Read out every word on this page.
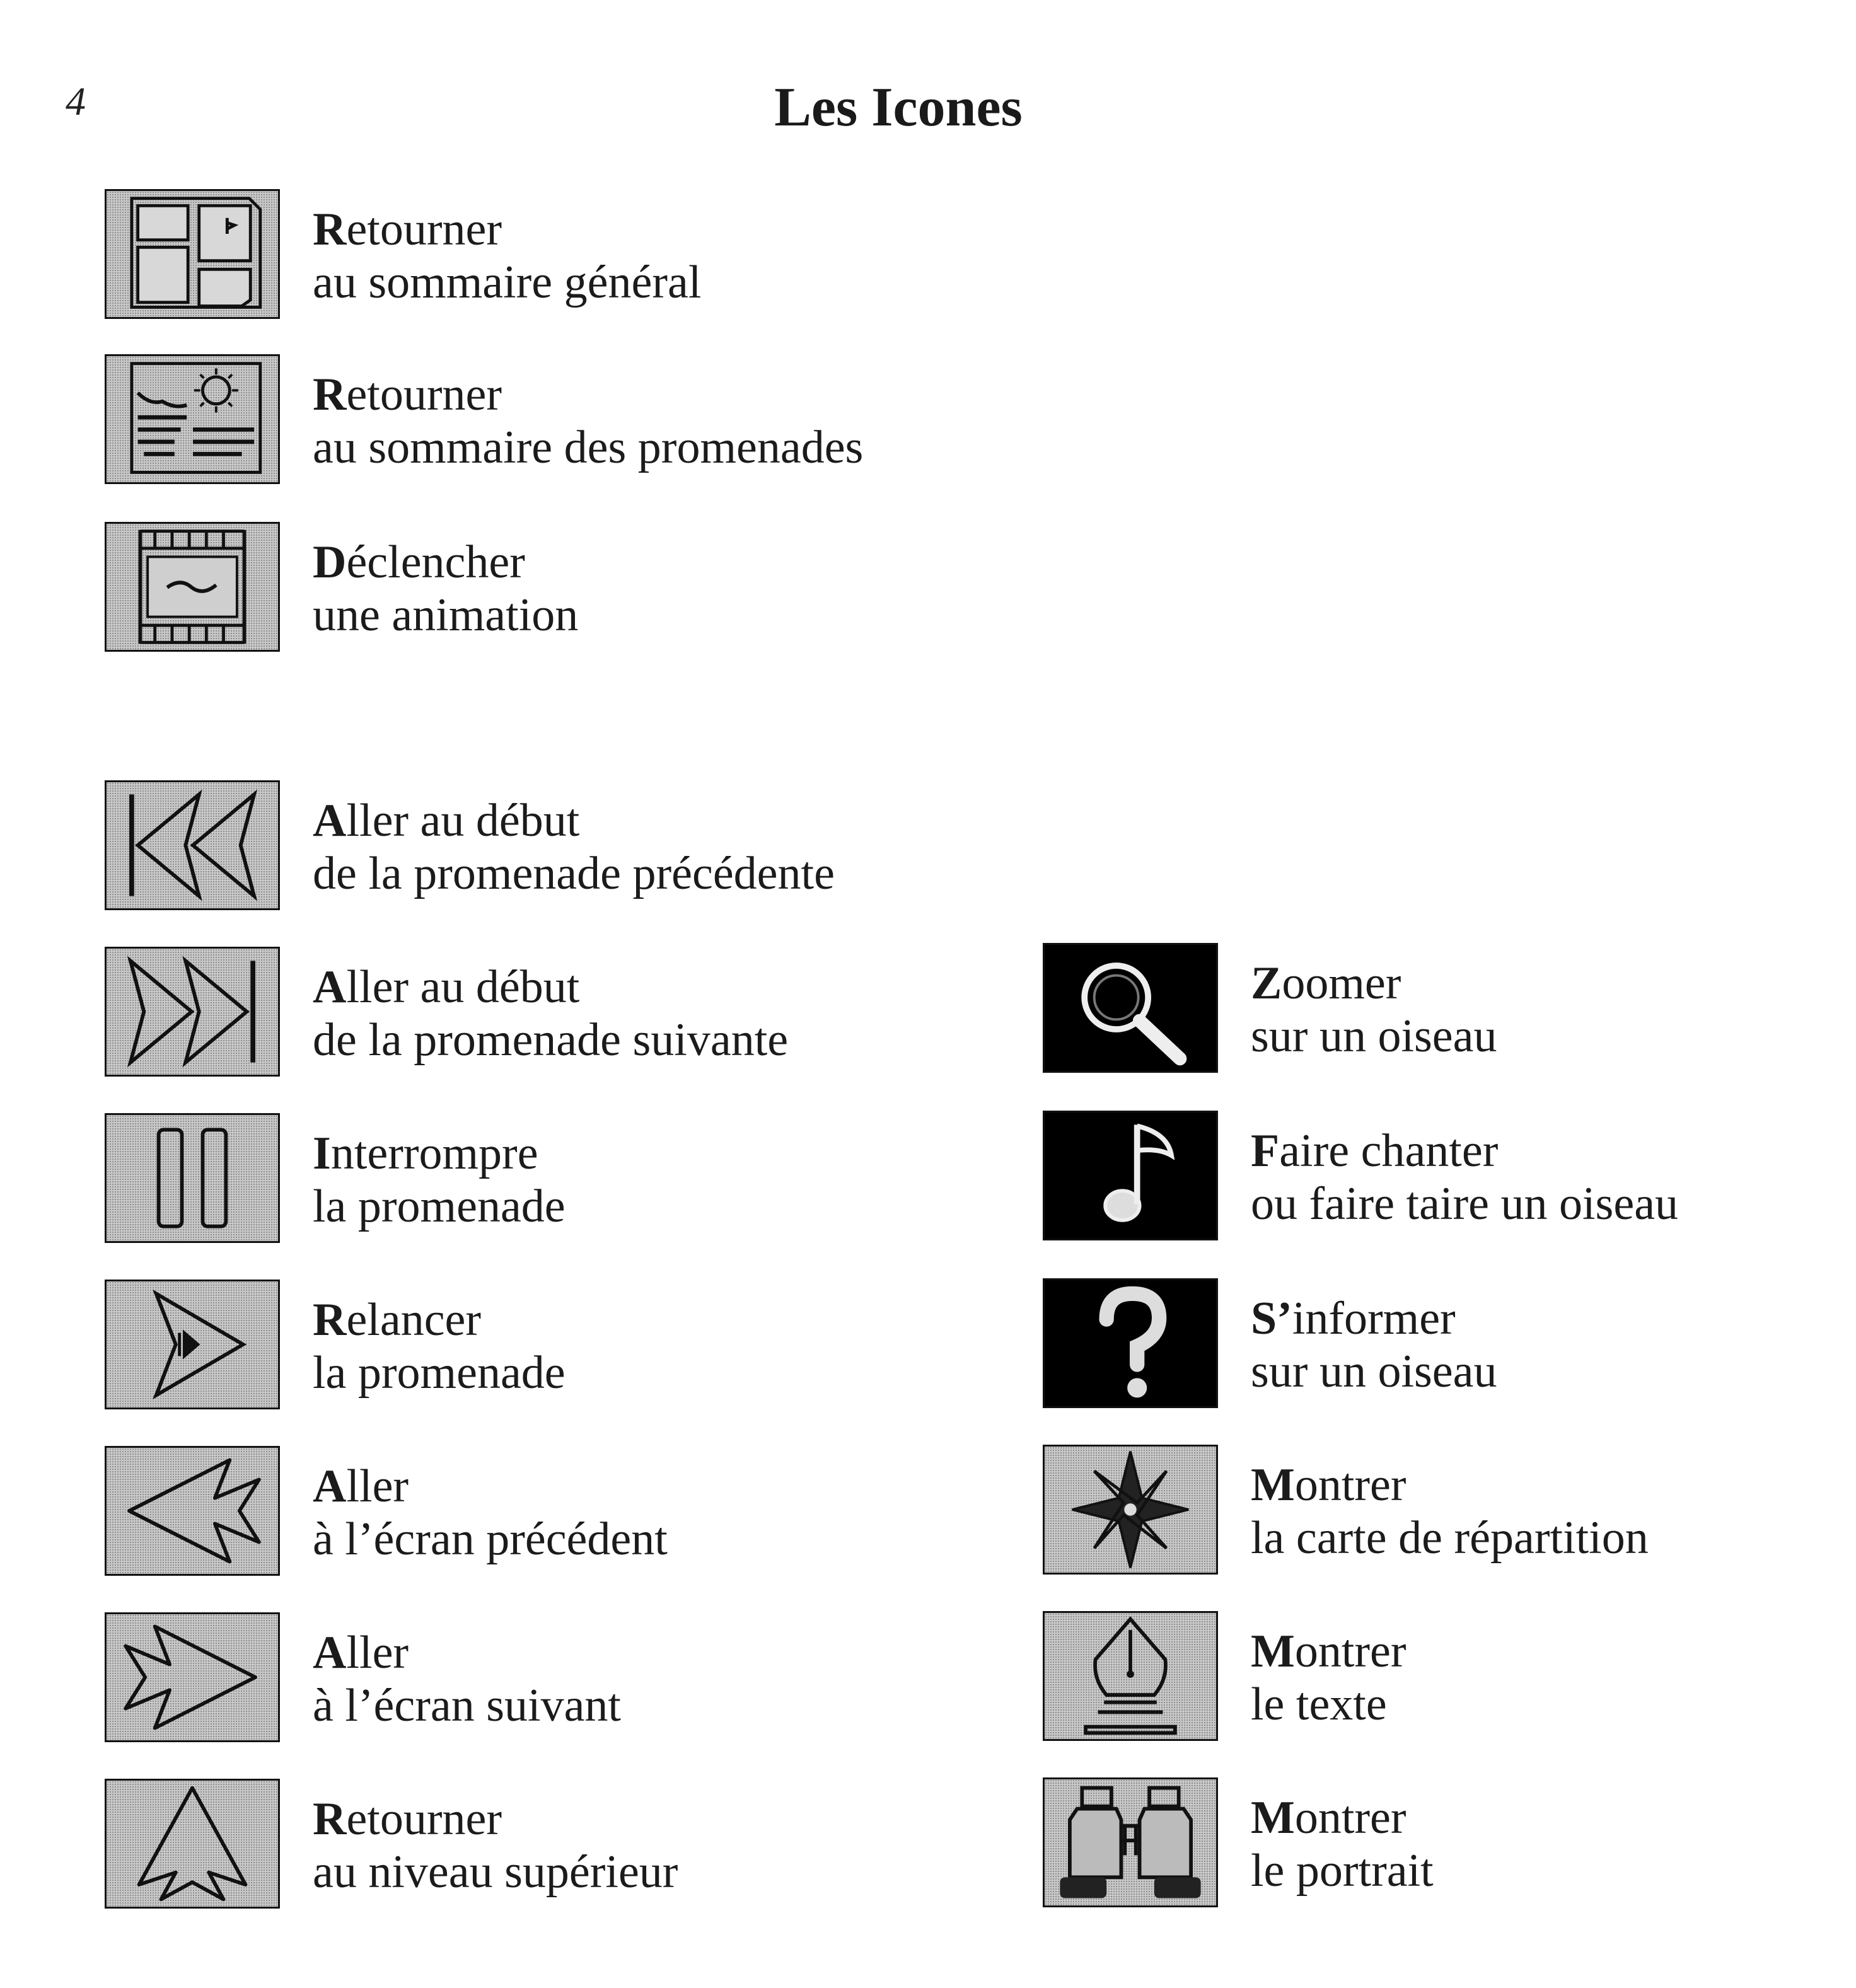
4	Les Icones
Retourner
au sommaire général
Retourner
au sommaire des promenades
Déclencher
une animation
Aller au début
de la promenade précédente
Aller au début
de la promenade suivante
Interrompre
la promenade
Relancer
la promenade
Aller
à l’écran précédent
Aller
à l’écran suivant
Retourner
au niveau supérieur
Zoomer
sur un oiseau
Faire chanter
ou faire taire un oiseau
S’informer
sur un oiseau
Montrer
la carte de répartition
Montrer
le texte
Montrer
le portrait
